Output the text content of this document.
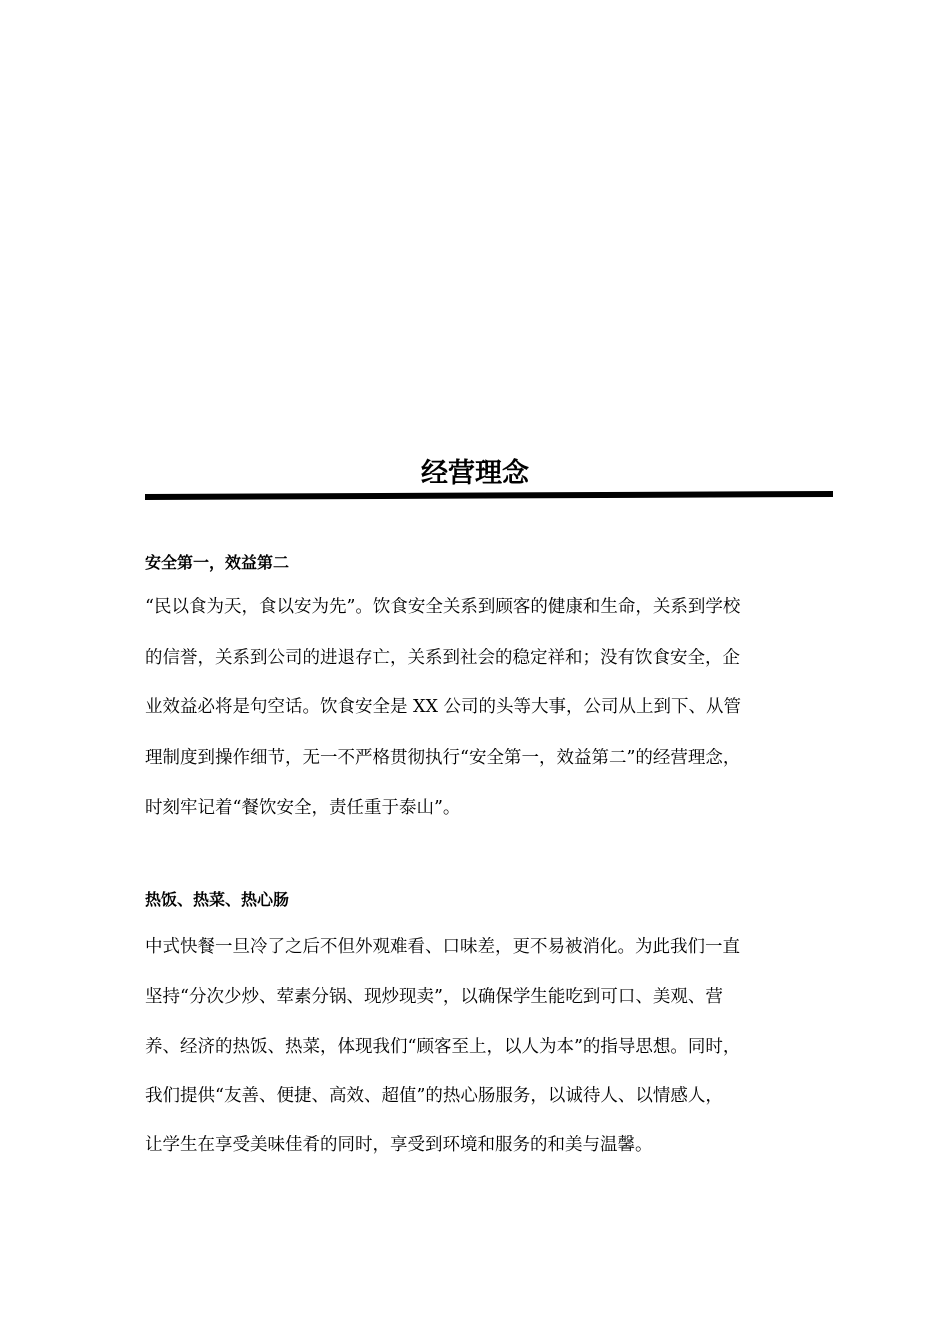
经营理念
安全第一，效益第二
“民以食为天，食以安为先”。饮食安全关系到顾客的健康和生命，关系到学校
的信誉，关系到公司的进退存亡，关系到社会的稳定祥和；没有饮食安全，企
业效益必将是句空话。饮食安全是 XX 公司的头等大事，公司从上到下、从管
理制度到操作细节，无一不严格贯彻执行“安全第一，效益第二”的经营理念，
时刻牢记着“餐饮安全，责任重于泰山”。
热饭、热菜、热心肠
中式快餐一旦冷了之后不但外观难看、口味差，更不易被消化。为此我们一直
坚持“分次少炒、荤素分锅、现炒现卖”，以确保学生能吃到可口、美观、营
养、经济的热饭、热菜，体现我们“顾客至上，以人为本”的指导思想。同时，
我们提供“友善、便捷、高效、超值”的热心肠服务，以诚待人、以情感人，
让学生在享受美味佳肴的同时，享受到环境和服务的和美与温馨。
